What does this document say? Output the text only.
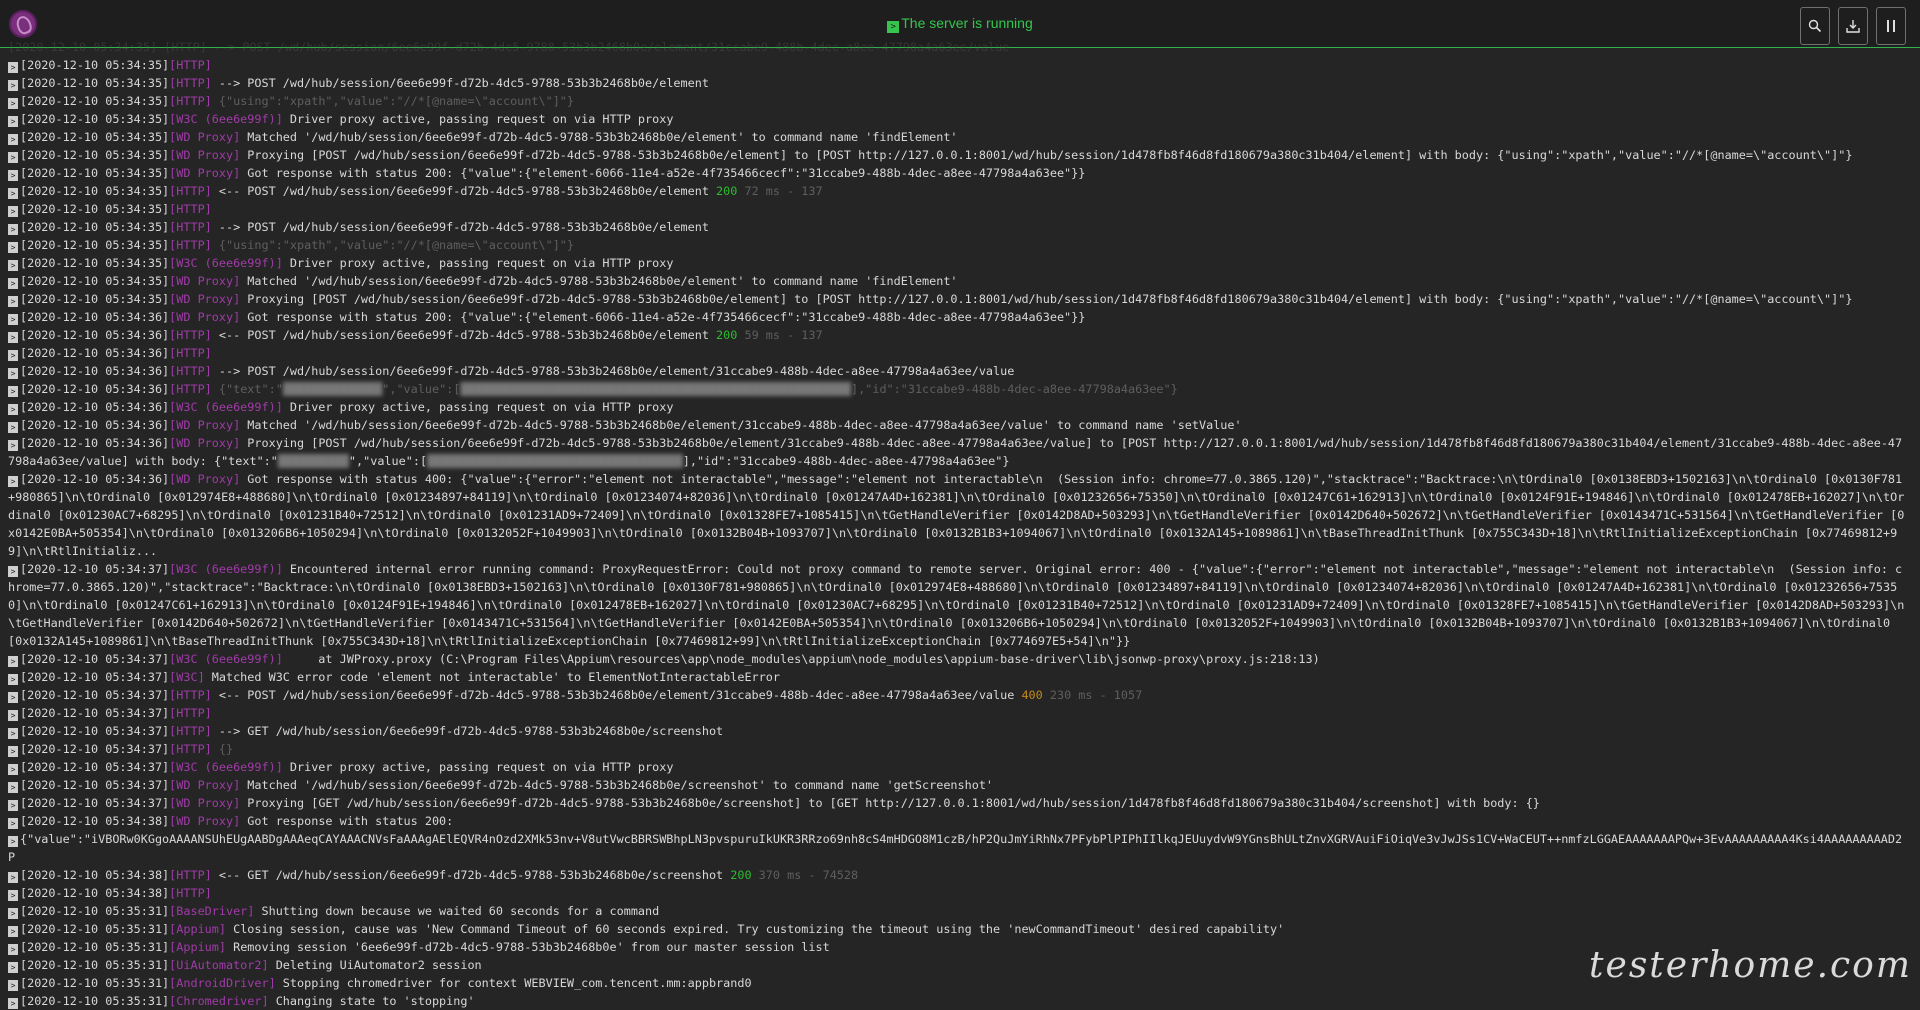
> The server is running
[2020-12-10 05:34:35] [HTTP] --> POST /wd/hub/session/6ee6e99f-d72b-4dc5-9788-53b3b2468b0e/element/31ccabe9-488b-4dec-a8ee-47798a4a63ee/value
> [2020-12-10 05:34:35][HTTP]
> [2020-12-10 05:34:35][HTTP] --> POST /wd/hub/session/6ee6e99f-d72b-4dc5-9788-53b3b2468b0e/element
> [2020-12-10 05:34:35][HTTP] {"using":"xpath","value":"//*[@name=\"account\"]"}
> [2020-12-10 05:34:35][W3C (6ee6e99f)] Driver proxy active, passing request on via HTTP proxy
> [2020-12-10 05:34:35][WD Proxy] Matched '/wd/hub/session/6ee6e99f-d72b-4dc5-9788-53b3b2468b0e/element' to command name 'findElement'
> [2020-12-10 05:34:35][WD Proxy] Proxying [POST /wd/hub/session/6ee6e99f-d72b-4dc5-9788-53b3b2468b0e/element] to [POST http://127.0.0.1:8001/wd/hub/session/1d478fb8f46d8fd180679a380c31b404/element] with body: {"using":"xpath","value":"//*[@name=\"account\"]"}
> [2020-12-10 05:34:35][WD Proxy] Got response with status 200: {"value":{"element-6066-11e4-a52e-4f735466cecf":"31ccabe9-488b-4dec-a8ee-47798a4a63ee"}}
> [2020-12-10 05:34:35][HTTP] <-- POST /wd/hub/session/6ee6e99f-d72b-4dc5-9788-53b3b2468b0e/element 200 72 ms - 137
> [2020-12-10 05:34:35][HTTP]
> [2020-12-10 05:34:35][HTTP] --> POST /wd/hub/session/6ee6e99f-d72b-4dc5-9788-53b3b2468b0e/element
> [2020-12-10 05:34:35][HTTP] {"using":"xpath","value":"//*[@name=\"account\"]"}
> [2020-12-10 05:34:35][W3C (6ee6e99f)] Driver proxy active, passing request on via HTTP proxy
> [2020-12-10 05:34:35][WD Proxy] Matched '/wd/hub/session/6ee6e99f-d72b-4dc5-9788-53b3b2468b0e/element' to command name 'findElement'
> [2020-12-10 05:34:35][WD Proxy] Proxying [POST /wd/hub/session/6ee6e99f-d72b-4dc5-9788-53b3b2468b0e/element] to [POST http://127.0.0.1:8001/wd/hub/session/1d478fb8f46d8fd180679a380c31b404/element] with body: {"using":"xpath","value":"//*[@name=\"account\"]"}
> [2020-12-10 05:34:36][WD Proxy] Got response with status 200: {"value":{"element-6066-11e4-a52e-4f735466cecf":"31ccabe9-488b-4dec-a8ee-47798a4a63ee"}}
> [2020-12-10 05:34:36][HTTP] <-- POST /wd/hub/session/6ee6e99f-d72b-4dc5-9788-53b3b2468b0e/element 200 59 ms - 137
> [2020-12-10 05:34:36][HTTP]
> [2020-12-10 05:34:36][HTTP] --> POST /wd/hub/session/6ee6e99f-d72b-4dc5-9788-53b3b2468b0e/element/31ccabe9-488b-4dec-a8ee-47798a4a63ee/value
> [2020-12-10 05:34:36][HTTP] {"text":"██████████████","value":[███████████████████████████████████████████████████████],"id":"31ccabe9-488b-4dec-a8ee-47798a4a63ee"}
> [2020-12-10 05:34:36][W3C (6ee6e99f)] Driver proxy active, passing request on via HTTP proxy
> [2020-12-10 05:34:36][WD Proxy] Matched '/wd/hub/session/6ee6e99f-d72b-4dc5-9788-53b3b2468b0e/element/31ccabe9-488b-4dec-a8ee-47798a4a63ee/value' to command name 'setValue'
> [2020-12-10 05:34:36][WD Proxy] Proxying [POST /wd/hub/session/6ee6e99f-d72b-4dc5-9788-53b3b2468b0e/element/31ccabe9-488b-4dec-a8ee-47798a4a63ee/value] to [POST http://127.0.0.1:8001/wd/hub/session/1d478fb8f46d8fd180679a380c31b404/element/31ccabe9-488b-4dec-a8ee-47798a4a63ee/value] with body: {"text":"██████████","value":[████████████████████████████████████],"id":"31ccabe9-488b-4dec-a8ee-47798a4a63ee"}
> [2020-12-10 05:34:36][WD Proxy] Got response with status 400: {"value":{"error":"element not interactable","message":"element not interactable\n  (Session info: chrome=77.0.3865.120)","stacktrace":"Backtrace:\n\tOrdinal0 [0x0138EBD3+1502163]\n\tOrdinal0 [0x0130F781+980865]\n\tOrdinal0 [0x012974E8+488680]\n\tOrdinal0 [0x01234897+84119]\n\tOrdinal0 [0x01234074+82036]\n\tOrdinal0 [0x01247A4D+162381]\n\tOrdinal0 [0x01232656+75350]\n\tOrdinal0 [0x01247C61+162913]\n\tOrdinal0 [0x0124F91E+194846]\n\tOrdinal0 [0x012478EB+162027]\n\tOrdinal0 [0x01230AC7+68295]\n\tOrdinal0 [0x01231B40+72512]\n\tOrdinal0 [0x01231AD9+72409]\n\tOrdinal0 [0x01328FE7+1085415]\n\tGetHandleVerifier [0x0142D8AD+503293]\n\tGetHandleVerifier [0x0142D640+502672]\n\tGetHandleVerifier [0x0143471C+531564]\n\tGetHandleVerifier [0x0142E0BA+505354]\n\tOrdinal0 [0x013206B6+1050294]\n\tOrdinal0 [0x0132052F+1049903]\n\tOrdinal0 [0x0132B04B+1093707]\n\tOrdinal0 [0x0132B1B3+1094067]\n\tOrdinal0 [0x0132A145+1089861]\n\tBaseThreadInitThunk [0x755C343D+18]\n\tRtlInitializeExceptionChain [0x77469812+99]\n\tRtlInitializ...
> [2020-12-10 05:34:37][W3C (6ee6e99f)] Encountered internal error running command: ProxyRequestError: Could not proxy command to remote server. Original error: 400 - {"value":{"error":"element not interactable","message":"element not interactable\n  (Session info: chrome=77.0.3865.120)","stacktrace":"Backtrace:\n\tOrdinal0 [0x0138EBD3+1502163]\n\tOrdinal0 [0x0130F781+980865]\n\tOrdinal0 [0x012974E8+488680]\n\tOrdinal0 [0x01234897+84119]\n\tOrdinal0 [0x01234074+82036]\n\tOrdinal0 [0x01247A4D+162381]\n\tOrdinal0 [0x01232656+75350]\n\tOrdinal0 [0x01247C61+162913]\n\tOrdinal0 [0x0124F91E+194846]\n\tOrdinal0 [0x012478EB+162027]\n\tOrdinal0 [0x01230AC7+68295]\n\tOrdinal0 [0x01231B40+72512]\n\tOrdinal0 [0x01231AD9+72409]\n\tOrdinal0 [0x01328FE7+1085415]\n\tGetHandleVerifier [0x0142D8AD+503293]\n\tGetHandleVerifier [0x0142D640+502672]\n\tGetHandleVerifier [0x0143471C+531564]\n\tGetHandleVerifier [0x0142E0BA+505354]\n\tOrdinal0 [0x013206B6+1050294]\n\tOrdinal0 [0x0132052F+1049903]\n\tOrdinal0 [0x0132B04B+1093707]\n\tOrdinal0 [0x0132B1B3+1094067]\n\tOrdinal0 [0x0132A145+1089861]\n\tBaseThreadInitThunk [0x755C343D+18]\n\tRtlInitializeExceptionChain [0x77469812+99]\n\tRtlInitializeExceptionChain [0x774697E5+54]\n"}}
> [2020-12-10 05:34:37][W3C (6ee6e99f)]     at JWProxy.proxy (C:\Program Files\Appium\resources\app\node_modules\appium\node_modules\appium-base-driver\lib\jsonwp-proxy\proxy.js:218:13)
> [2020-12-10 05:34:37][W3C] Matched W3C error code 'element not interactable' to ElementNotInteractableError
> [2020-12-10 05:34:37][HTTP] <-- POST /wd/hub/session/6ee6e99f-d72b-4dc5-9788-53b3b2468b0e/element/31ccabe9-488b-4dec-a8ee-47798a4a63ee/value 400 230 ms - 1057
> [2020-12-10 05:34:37][HTTP]
> [2020-12-10 05:34:37][HTTP] --> GET /wd/hub/session/6ee6e99f-d72b-4dc5-9788-53b3b2468b0e/screenshot
> [2020-12-10 05:34:37][HTTP] {}
> [2020-12-10 05:34:37][W3C (6ee6e99f)] Driver proxy active, passing request on via HTTP proxy
> [2020-12-10 05:34:37][WD Proxy] Matched '/wd/hub/session/6ee6e99f-d72b-4dc5-9788-53b3b2468b0e/screenshot' to command name 'getScreenshot'
> [2020-12-10 05:34:37][WD Proxy] Proxying [GET /wd/hub/session/6ee6e99f-d72b-4dc5-9788-53b3b2468b0e/screenshot] to [GET http://127.0.0.1:8001/wd/hub/session/1d478fb8f46d8fd180679a380c31b404/screenshot] with body: {}
> [2020-12-10 05:34:38][WD Proxy] Got response with status 200:
> {"value":"iVBORw0KGgoAAAANSUhEUgAABDgAAAeqCAYAAACNVsFaAAAgAElEQVR4nOzd2XMk53nv+V8utVwcBBRSWBhpLN3pvspuruIkUKR3RRzo69nh8cS4mHDGO8M1czB/hP2QuJmYiRhNx7PFybPlPIPhIIlkqJEUuydvW9YGnsBhULtZnvXGRVAuiFiOiqVe3vJwJSs1CV+WaCEUT++nmfzLGGAEAAAAAAAPQw+3EvAAAAAAAAA4Ksi4AAAAAAAAAD2P
> [2020-12-10 05:34:38][HTTP] <-- GET /wd/hub/session/6ee6e99f-d72b-4dc5-9788-53b3b2468b0e/screenshot 200 370 ms - 74528
> [2020-12-10 05:34:38][HTTP]
> [2020-12-10 05:35:31][BaseDriver] Shutting down because we waited 60 seconds for a command
> [2020-12-10 05:35:31][Appium] Closing session, cause was 'New Command Timeout of 60 seconds expired. Try customizing the timeout using the 'newCommandTimeout' desired capability'
> [2020-12-10 05:35:31][Appium] Removing session '6ee6e99f-d72b-4dc5-9788-53b3b2468b0e' from our master session list
> [2020-12-10 05:35:31][UiAutomator2] Deleting UiAutomator2 session
> [2020-12-10 05:35:31][AndroidDriver] Stopping chromedriver for context WEBVIEW_com.tencent.mm:appbrand0
> [2020-12-10 05:35:31][Chromedriver] Changing state to 'stopping'
testerhome.com
